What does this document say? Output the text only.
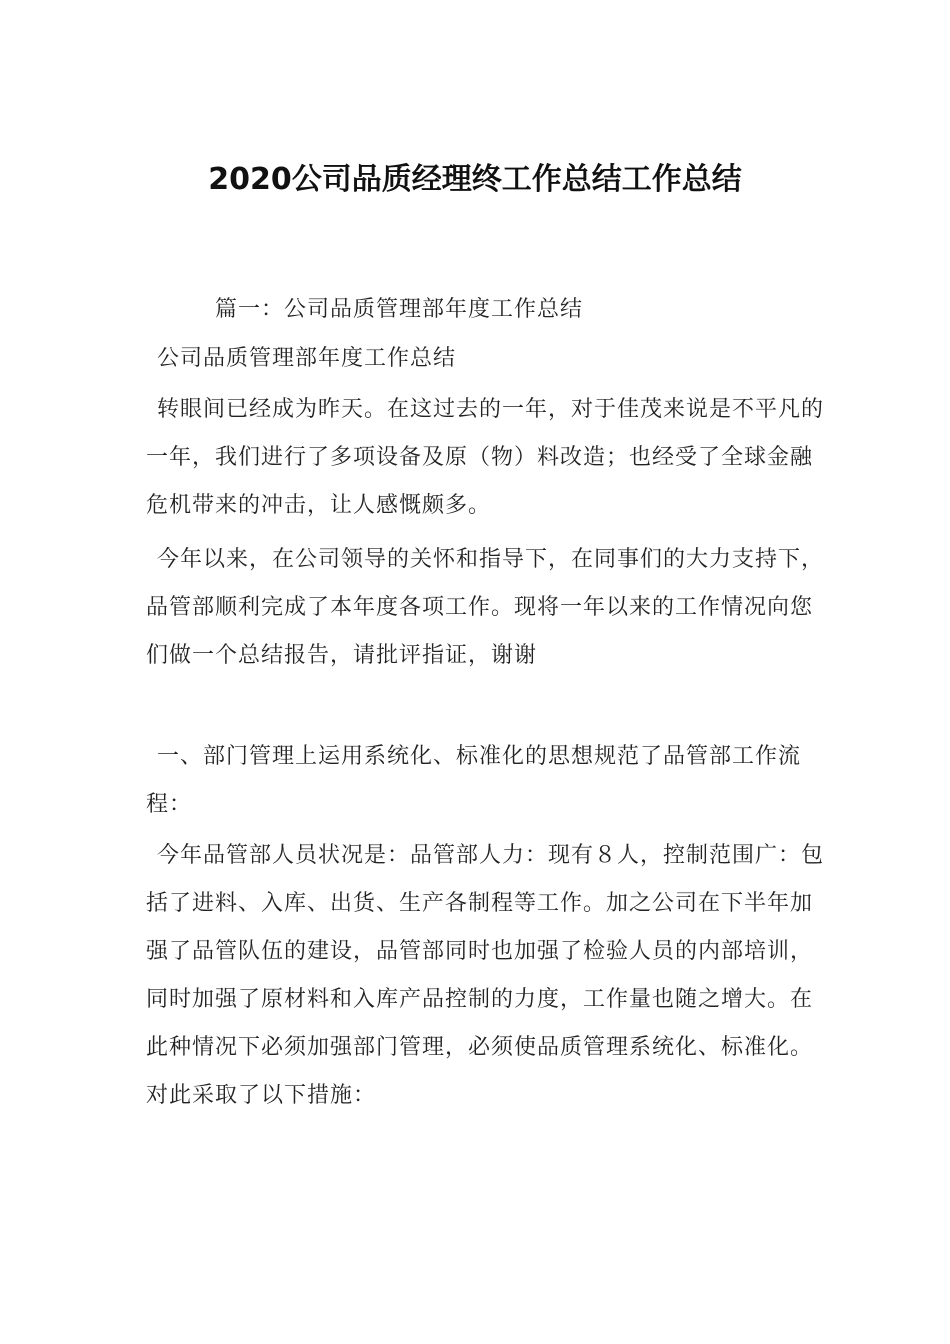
2020公司品质经理终工作总结工作总结

篇一：公司品质管理部年度工作总结

公司品质管理部年度工作总结

转眼间已经成为昨天。在这过去的一年，对于佳茂来说是不平凡的一年，我们进行了多项设备及原（物）料改造；也经受了全球金融危机带来的冲击，让人感慨颇多。

今年以来，在公司领导的关怀和指导下，在同事们的大力支持下，品管部顺利完成了本年度各项工作。现将一年以来的工作情况向您们做一个总结报告，请批评指证，谢谢

一、部门管理上运用系统化、标准化的思想规范了品管部工作流程：

今年品管部人员状况是：品管部人力：现有８人，控制范围广：包括了进料、入库、出货、生产各制程等工作。加之公司在下半年加强了品管队伍的建设，品管部同时也加强了检验人员的内部培训，同时加强了原材料和入库产品控制的力度，工作量也随之增大。在此种情况下必须加强部门管理，必须使品质管理系统化、标准化。对此采取了以下措施：
